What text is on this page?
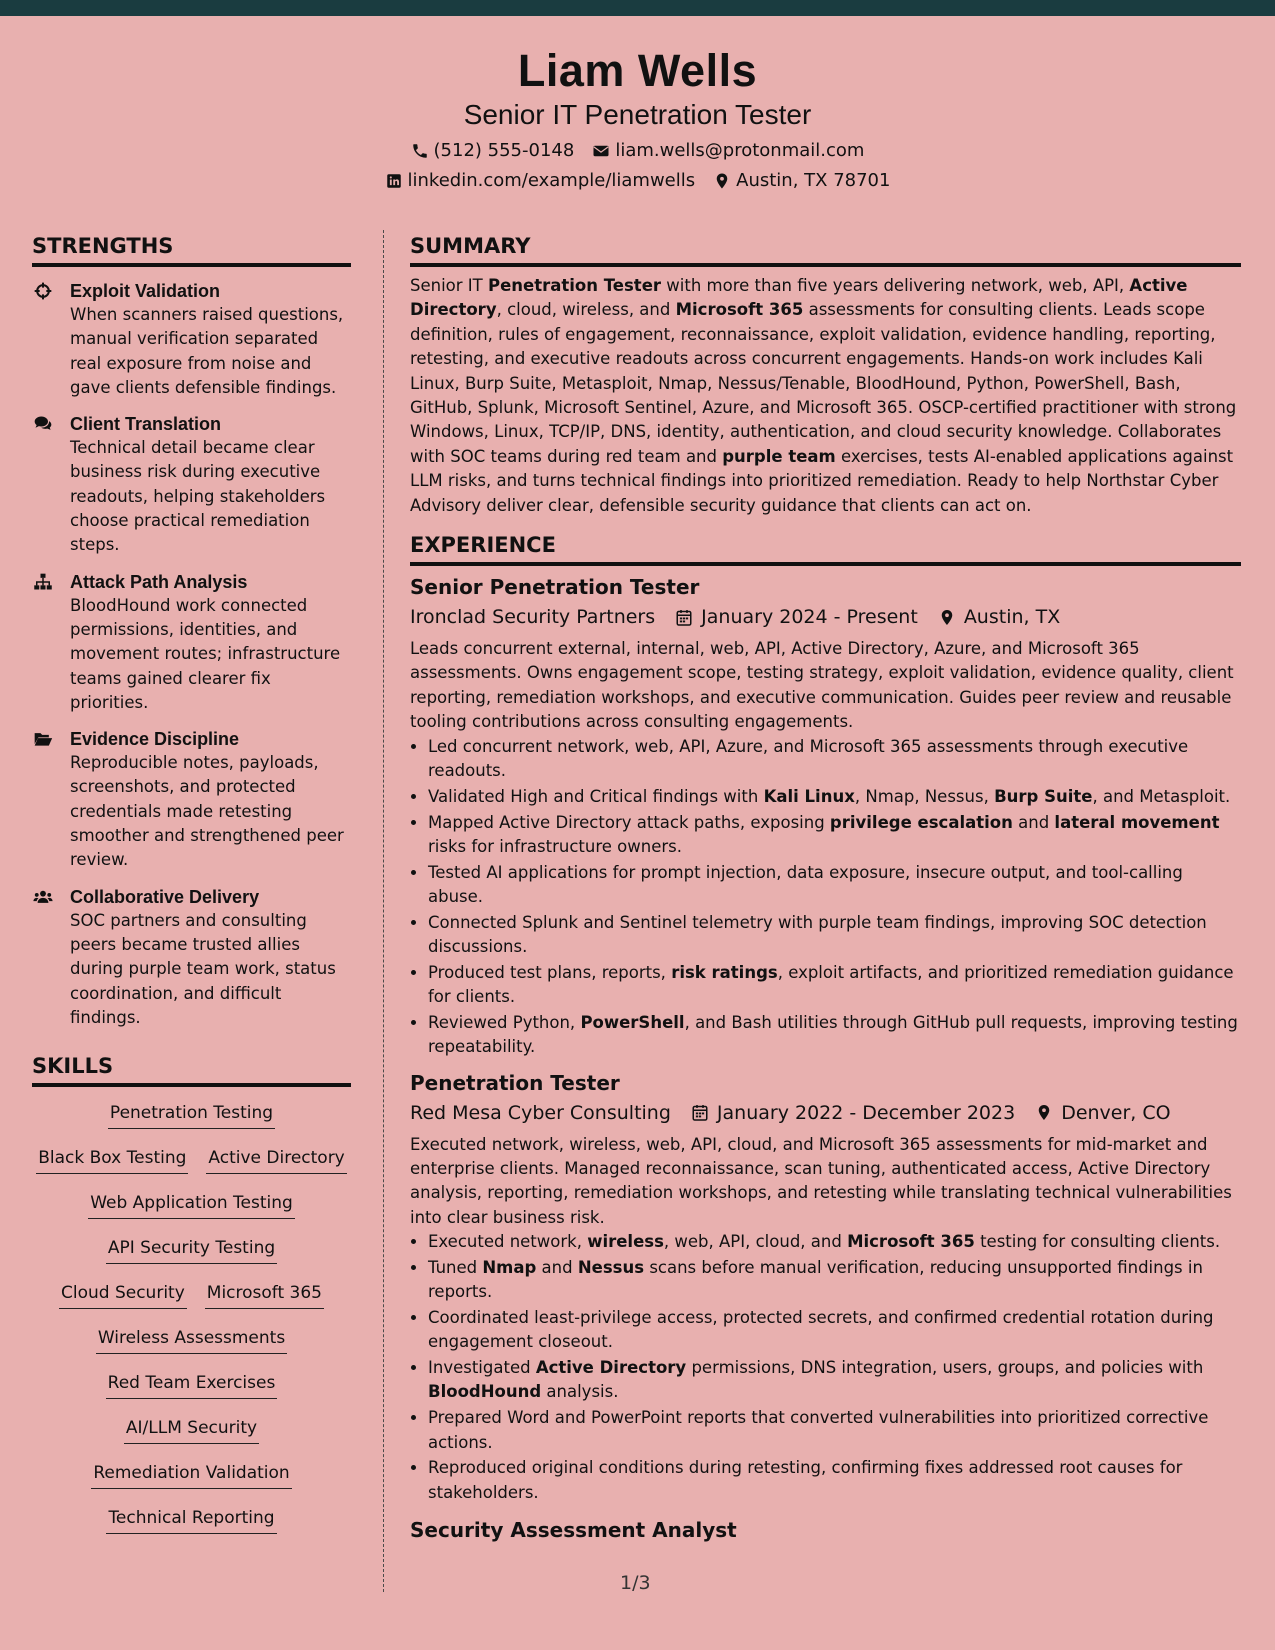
Liam Wells
Senior IT Penetration Tester
(512) 555-0148 liam.wells@protonmail.com
linkedin.com/example/liamwells Austin, TX 78701
STRENGTHS
Exploit Validation
When scanners raised questions, manual verification separated real exposure from noise and gave clients defensible findings.
Client Translation
Technical detail became clear business risk during executive readouts, helping stakeholders choose practical remediation steps.
Attack Path Analysis
BloodHound work connected permissions, identities, and movement routes; infrastructure teams gained clearer fix priorities.
Evidence Discipline
Reproducible notes, payloads, screenshots, and protected credentials made retesting smoother and strengthened peer review.
Collaborative Delivery
SOC partners and consulting peers became trusted allies during purple team work, status coordination, and difficult findings.
SKILLS
Penetration Testing
Black Box Testing Active Directory
Web Application Testing
API Security Testing
Cloud Security Microsoft 365
Wireless Assessments
Red Team Exercises
AI/LLM Security
Remediation Validation
Technical Reporting
SUMMARY

Senior IT Penetration Tester with more than five years delivering network, web, API, Active Directory, cloud, wireless, and Microsoft 365 assessments for consulting clients. Leads scope definition, rules of engagement, reconnaissance, exploit validation, evidence handling, reporting, retesting, and executive readouts across concurrent engagements. Hands-on work includes Kali Linux, Burp Suite, Metasploit, Nmap, Nessus/Tenable, BloodHound, Python, PowerShell, Bash, GitHub, Splunk, Microsoft Sentinel, Azure, and Microsoft 365. OSCP-certified practitioner with strong Windows, Linux, TCP/IP, DNS, identity, authentication, and cloud security knowledge. Collaborates with SOC teams during red team and purple team exercises, tests AI-enabled applications against LLM risks, and turns technical findings into prioritized remediation. Ready to help Northstar Cyber Advisory deliver clear, defensible security guidance that clients can act on.

EXPERIENCE
Senior Penetration Tester
Ironclad Security Partners January 2024 - Present Austin, TX

Leads concurrent external, internal, web, API, Active Directory, Azure, and Microsoft 365 assessments. Owns engagement scope, testing strategy, exploit validation, evidence quality, client reporting, remediation workshops, and executive communication. Guides peer review and reusable tooling contributions across consulting engagements.

• Led concurrent network, web, API, Azure, and Microsoft 365 assessments through executive readouts.
• Validated High and Critical findings with Kali Linux, Nmap, Nessus, Burp Suite, and Metasploit.
• Mapped Active Directory attack paths, exposing privilege escalation and lateral movement risks for infrastructure owners.
• Tested AI applications for prompt injection, data exposure, insecure output, and tool-calling abuse.
• Connected Splunk and Sentinel telemetry with purple team findings, improving SOC detection discussions.
• Produced test plans, reports, risk ratings, exploit artifacts, and prioritized remediation guidance for clients.
• Reviewed Python, PowerShell, and Bash utilities through GitHub pull requests, improving testing repeatability.
Penetration Tester
Red Mesa Cyber Consulting January 2022 - December 2023 Denver, CO

Executed network, wireless, web, API, cloud, and Microsoft 365 assessments for mid-market and enterprise clients. Managed reconnaissance, scan tuning, authenticated access, Active Directory analysis, reporting, remediation workshops, and retesting while translating technical vulnerabilities into clear business risk.

• Executed network, wireless, web, API, cloud, and Microsoft 365 testing for consulting clients.
• Tuned Nmap and Nessus scans before manual verification, reducing unsupported findings in reports.
• Coordinated least-privilege access, protected secrets, and confirmed credential rotation during engagement closeout.
• Investigated Active Directory permissions, DNS integration, users, groups, and policies with BloodHound analysis.
• Prepared Word and PowerPoint reports that converted vulnerabilities into prioritized corrective actions.
• Reproduced original conditions during retesting, confirming fixes addressed root causes for stakeholders.
Security Assessment Analyst
1/3
